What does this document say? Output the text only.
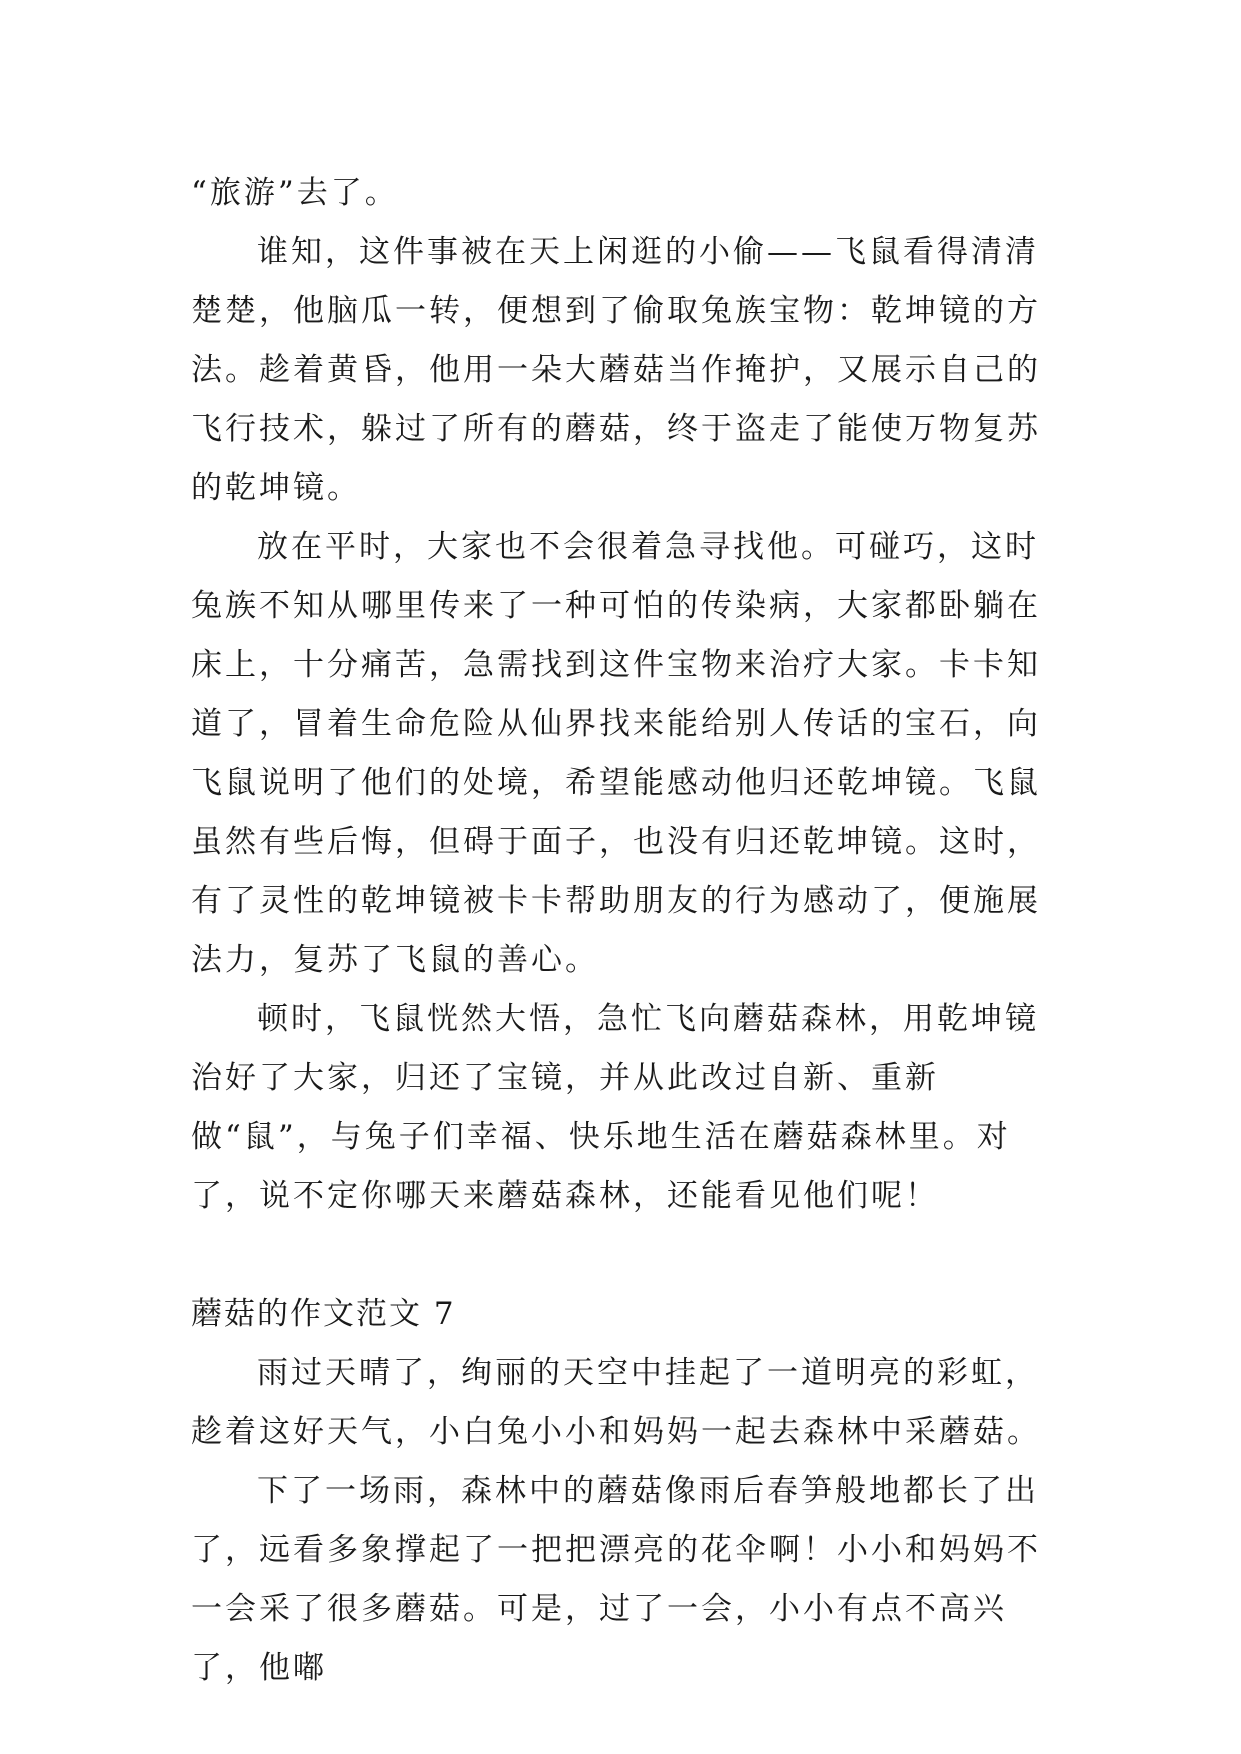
“旅游”去了。

谁知，这件事被在天上闲逛的小偷——飞鼠看得清清楚楚，他脑瓜一转，便想到了偷取兔族宝物：乾坤镜的方法。趁着黄昏，他用一朵大蘑菇当作掩护，又展示自己的飞行技术，躲过了所有的蘑菇，终于盗走了能使万物复苏的乾坤镜。

放在平时，大家也不会很着急寻找他。可碰巧，这时兔族不知从哪里传来了一种可怕的传染病，大家都卧躺在床上，十分痛苦，急需找到这件宝物来治疗大家。卡卡知道了，冒着生命危险从仙界找来能给别人传话的宝石，向飞鼠说明了他们的处境，希望能感动他归还乾坤镜。飞鼠虽然有些后悔，但碍于面子，也没有归还乾坤镜。这时，有了灵性的乾坤镜被卡卡帮助朋友的行为感动了，便施展法力，复苏了飞鼠的善心。

顿时，飞鼠恍然大悟，急忙飞向蘑菇森林，用乾坤镜治好了大家，归还了宝镜，并从此改过自新、重新做“鼠”，与兔子们幸福、快乐地生活在蘑菇森林里。对了，说不定你哪天来蘑菇森林，还能看见他们呢！

蘑菇的作文范文 7

雨过天晴了，绚丽的天空中挂起了一道明亮的彩虹，趁着这好天气，小白兔小小和妈妈一起去森林中采蘑菇。

下了一场雨，森林中的蘑菇像雨后春笋般地都长了出了，远看多象撑起了一把把漂亮的花伞啊！小小和妈妈不一会采了很多蘑菇。可是，过了一会，小小有点不高兴了，他嘟
